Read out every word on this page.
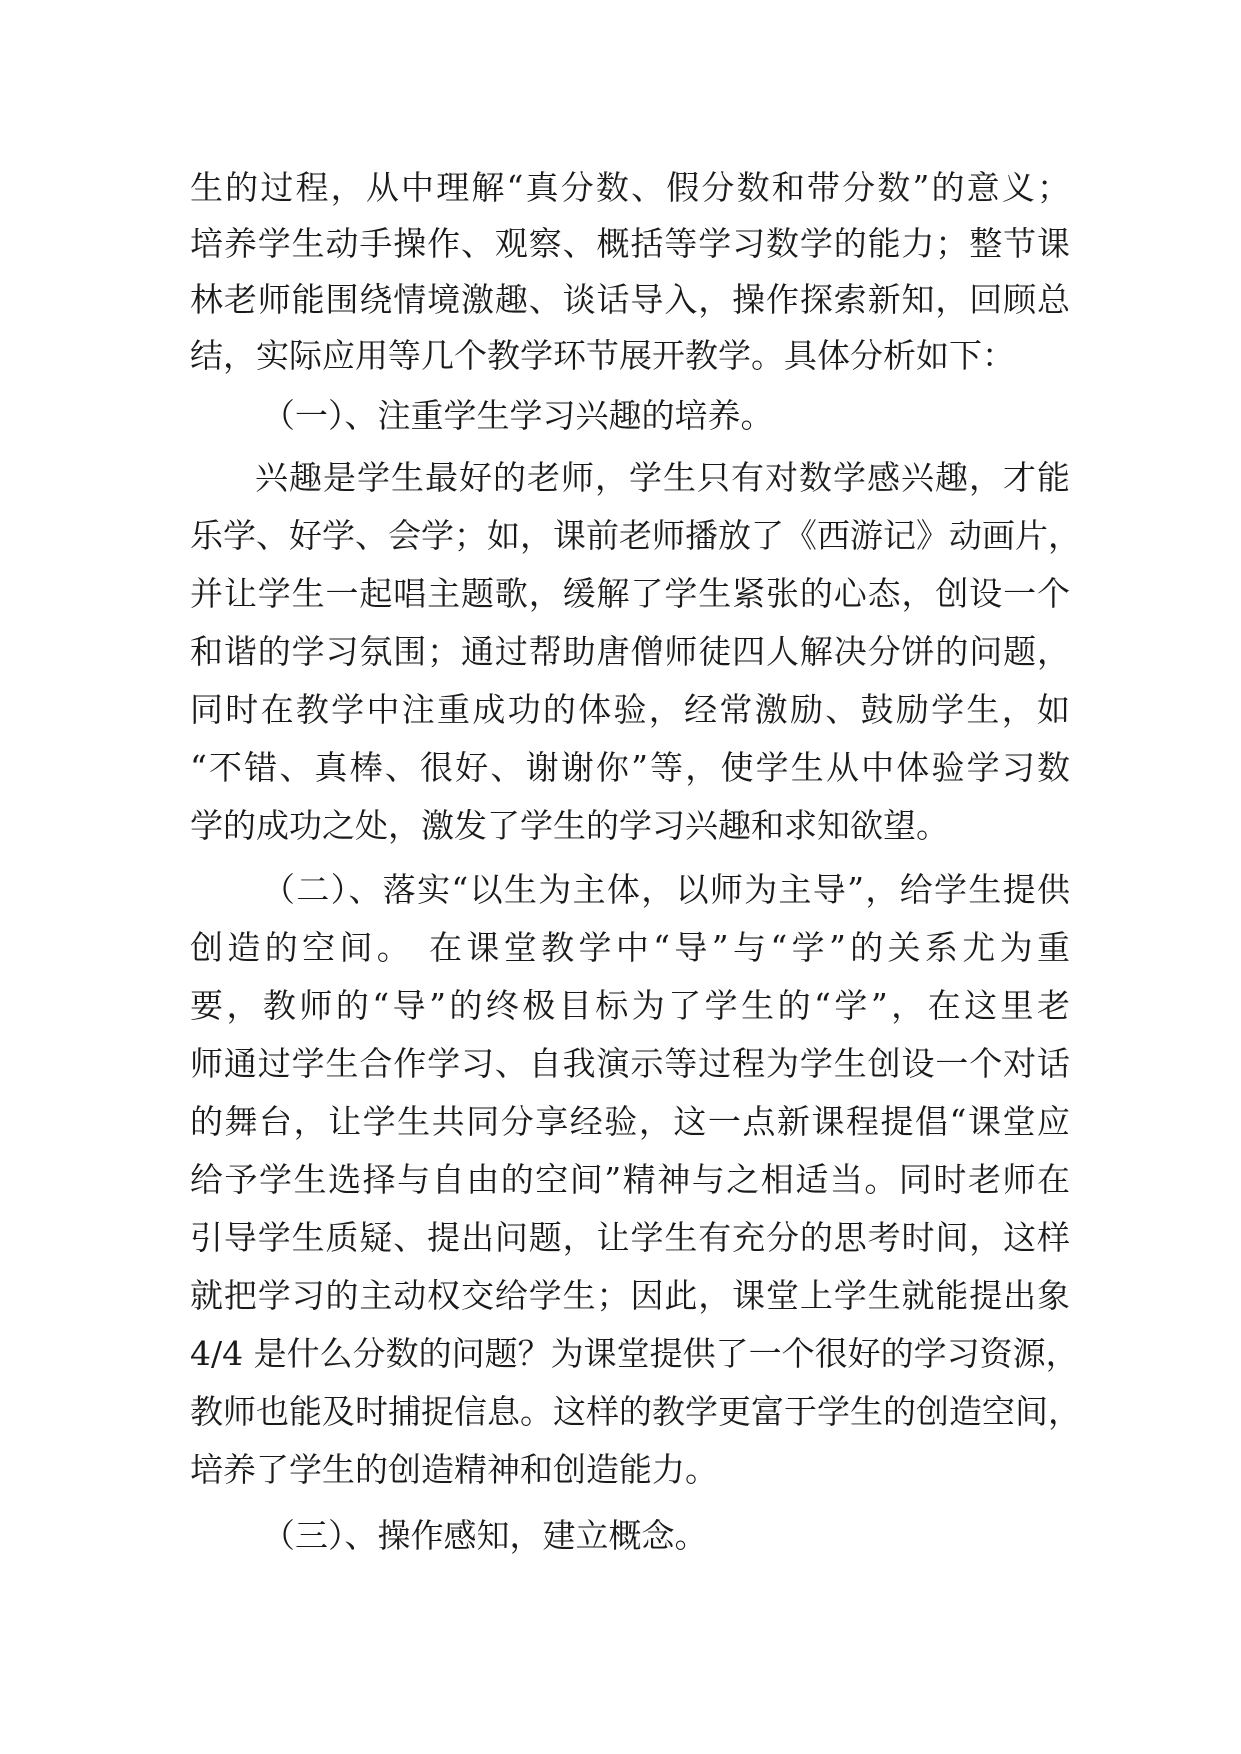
生的过程，从中理解“真分数、假分数和带分数”的意义；
培养学生动手操作、观察、概括等学习数学的能力；整节课
林老师能围绕情境激趣、谈话导入，操作探索新知，回顾总
结，实际应用等几个教学环节展开教学。具体分析如下：
（一）、注重学生学习兴趣的培养。
兴趣是学生最好的老师，学生只有对数学感兴趣，才能
乐学、好学、会学；如，课前老师播放了《西游记》动画片，
并让学生一起唱主题歌，缓解了学生紧张的心态，创设一个
和谐的学习氛围；通过帮助唐僧师徒四人解决分饼的问题，
同时在教学中注重成功的体验，经常激励、鼓励学生，如
“不错、真棒、很好、谢谢你”等，使学生从中体验学习数
学的成功之处，激发了学生的学习兴趣和求知欲望。
（二）、落实“以生为主体，以师为主导”，给学生提供
创造的空间。 在课堂教学中“导”与“学”的关系尤为重
要，教师的“导”的终极目标为了学生的“学”，在这里老
师通过学生合作学习、自我演示等过程为学生创设一个对话
的舞台，让学生共同分享经验，这一点新课程提倡“课堂应
给予学生选择与自由的空间”精神与之相适当。同时老师在
引导学生质疑、提出问题，让学生有充分的思考时间，这样
就把学习的主动权交给学生；因此，课堂上学生就能提出象
4/4 是什么分数的问题？为课堂提供了一个很好的学习资源，
教师也能及时捕捉信息。这样的教学更富于学生的创造空间，
培养了学生的创造精神和创造能力。
（三）、操作感知，建立概念。
